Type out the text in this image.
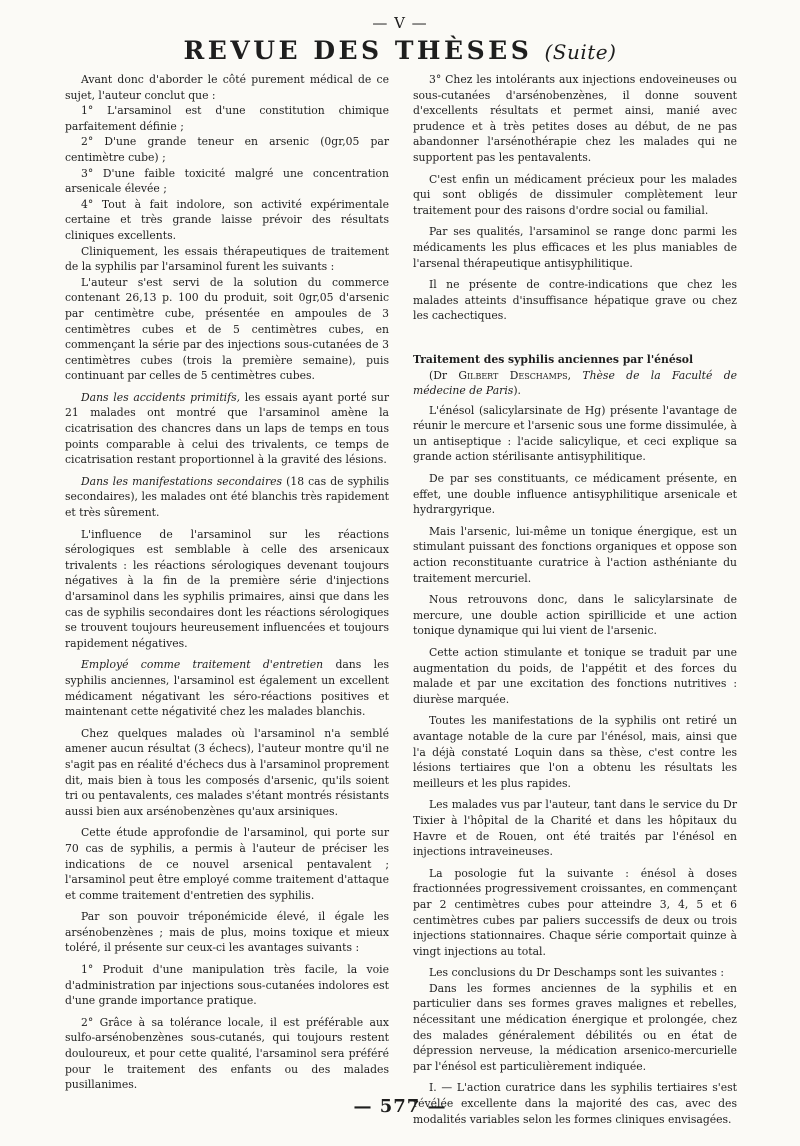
— V —
REVUE DES THÈSES (Suite)

Avant donc d'aborder le côté purement médical de ce sujet, l'auteur conclut que :

1° L'arsaminol est d'une constitution chimique parfaitement définie ;

2° D'une grande teneur en arsenic (0gr,05 par centimètre cube) ;

3° D'une faible toxicité malgré une concentration arsenicale élevée ;

4° Tout à fait indolore, son activité expérimentale certaine et très grande laisse prévoir des résultats cliniques excellents.

Cliniquement, les essais thérapeutiques de traitement de la syphilis par l'arsaminol furent les suivants :

L'auteur s'est servi de la solution du commerce contenant 26,13 p. 100 du produit, soit 0gr,05 d'arsenic par centimètre cube, présentée en ampoules de 3 centimètres cubes et de 5 centimètres cubes, en commençant la série par des injections sous-cutanées de 3 centimètres cubes (trois la première semaine), puis continuant par celles de 5 centimètres cubes.

Dans les accidents primitifs, les essais ayant porté sur 21 malades ont montré que l'arsaminol amène la cicatrisation des chancres dans un laps de temps en tous points comparable à celui des trivalents, ce temps de cicatrisation restant proportionnel à la gravité des lésions.

Dans les manifestations secondaires (18 cas de syphilis secondaires), les malades ont été blanchis très rapidement et très sûrement.

L'influence de l'arsaminol sur les réactions sérologiques est semblable à celle des arsenicaux trivalents : les réactions sérologiques devenant toujours négatives à la fin de la première série d'injections d'arsaminol dans les syphilis primaires, ainsi que dans les cas de syphilis secondaires dont les réactions sérologiques se trouvent toujours heureusement influencées et toujours rapidement négatives.

Employé comme traitement d'entretien dans les syphilis anciennes, l'arsaminol est également un excellent médicament négativant les séro-réactions positives et maintenant cette négativité chez les malades blanchis.

Chez quelques malades où l'arsaminol n'a semblé amener aucun résultat (3 échecs), l'auteur montre qu'il ne s'agit pas en réalité d'échecs dus à l'arsaminol proprement dit, mais bien à tous les composés d'arsenic, qu'ils soient tri ou pentavalents, ces malades s'étant montrés résistants aussi bien aux arsénobenzènes qu'aux arsiniques.

Cette étude approfondie de l'arsaminol, qui porte sur 70 cas de syphilis, a permis à l'auteur de préciser les indications de ce nouvel arsenical pentavalent ; l'arsaminol peut être employé comme traitement d'attaque et comme traitement d'entretien des syphilis.

Par son pouvoir tréponémicide élevé, il égale les arsénobenzènes ; mais de plus, moins toxique et mieux toléré, il présente sur ceux-ci les avantages suivants :

1° Produit d'une manipulation très facile, la voie d'administration par injections sous-cutanées indolores est d'une grande importance pratique.

2° Grâce à sa tolérance locale, il est préférable aux sulfo-arsénobenzènes sous-cutanés, qui toujours restent douloureux, et pour cette qualité, l'arsaminol sera préféré pour le traitement des enfants ou des malades pusillanimes.

3° Chez les intolérants aux injections endoveineuses ou sous-cutanées d'arsénobenzènes, il donne souvent d'excellents résultats et permet ainsi, manié avec prudence et à très petites doses au début, de ne pas abandonner l'arsénothérapie chez les malades qui ne supportent pas les pentavalents.

C'est enfin un médicament précieux pour les malades qui sont obligés de dissimuler complètement leur traitement pour des raisons d'ordre social ou familial.

Par ses qualités, l'arsaminol se range donc parmi les médicaments les plus efficaces et les plus maniables de l'arsenal thérapeutique antisyphilitique.

Il ne présente de contre-indications que chez les malades atteints d'insuffisance hépatique grave ou chez les cachectiques.

Traitement des syphilis anciennes par l'énésol

(Dr Gilbert Deschamps, Thèse de la Faculté de médecine de Paris).

L'énésol (salicylarsinate de Hg) présente l'avantage de réunir le mercure et l'arsenic sous une forme dissimulée, à un antiseptique : l'acide salicylique, et ceci explique sa grande action stérilisante antisyphilitique.

De par ses constituants, ce médicament présente, en effet, une double influence antisyphilitique arsenicale et hydrargyrique.

Mais l'arsenic, lui-même un tonique énergique, est un stimulant puissant des fonctions organiques et oppose son action reconstituante curatrice à l'action asthéniante du traitement mercuriel.

Nous retrouvons donc, dans le salicylarsinate de mercure, une double action spirillicide et une action tonique dynamique qui lui vient de l'arsenic.

Cette action stimulante et tonique se traduit par une augmentation du poids, de l'appétit et des forces du malade et par une excitation des fonctions nutritives : diurèse marquée.

Toutes les manifestations de la syphilis ont retiré un avantage notable de la cure par l'énésol, mais, ainsi que l'a déjà constaté Loquin dans sa thèse, c'est contre les lésions tertiaires que l'on a obtenu les résultats les meilleurs et les plus rapides.

Les malades vus par l'auteur, tant dans le service du Dr Tixier à l'hôpital de la Charité et dans les hôpitaux du Havre et de Rouen, ont été traités par l'énésol en injections intraveineuses.

La posologie fut la suivante : énésol à doses fractionnées progressivement croissantes, en commençant par 2 centimètres cubes pour atteindre 3, 4, 5 et 6 centimètres cubes par paliers successifs de deux ou trois injections stationnaires. Chaque série comportait quinze à vingt injections au total.

Les conclusions du Dr Deschamps sont les suivantes :

Dans les formes anciennes de la syphilis et en particulier dans ses formes graves malignes et rebelles, nécessitant une médication énergique et prolongée, chez des malades généralement débilités ou en état de dépression nerveuse, la médication arsenico-mercurielle par l'énésol est particulièrement indiquée.

I. — L'action curatrice dans les syphilis tertiaires s'est révélée excellente dans la majorité des cas, avec des modalités variables selon les formes cliniques envisagées.

— 577 —
